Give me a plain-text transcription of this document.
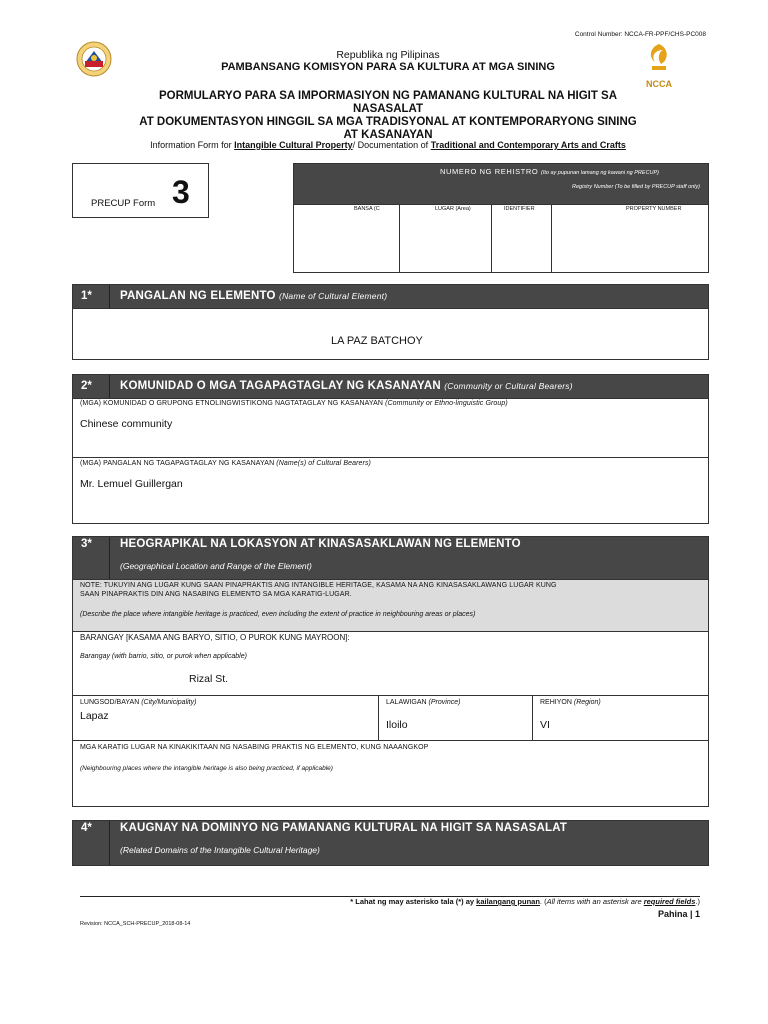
Control Number: NCCA-FR-PPF/CHS-PC008
NCCA
Republika ng Pilipinas
PAMBANSANG KOMISYON PARA SA KULTURA AT MGA SINING
PORMULARYO PARA SA IMPORMASIYON NG PAMANANG KULTURAL NA HIGIT SA
NASASALAT
AT DOKUMENTASYON HINGGIL SA MGA TRADISYONAL AT KONTEMPORARYONG SINING
AT KASANAYAN
Information Form for Intangible Cultural Property/ Documentation of Traditional and Contemporary Arts and Crafts
PRECUP Form 3
NUMERO NG REHISTRO (Ito ay pupunan lamang ng kawani ng PRECUP)
Registry Number (To be filled by PRECUP staff only)
BANSA (C	LUGAR (Area)	IDENTIFIER	PROPERTY NUMBER
1* PANGALAN NG ELEMENTO (Name of Cultural Element)
LA PAZ BATCHOY
2* KOMUNIDAD O MGA TAGAPAGTAGLAY NG KASANAYAN (Community or Cultural Bearers)
(MGA) KOMUNIDAD O GRUPONG ETNOLINGWISTIKONG NAGTATAGLAY NG KASANAYAN (Community or Ethno-linguistic Group)
Chinese community
(MGA) PANGALAN NG TAGAPAGTAGLAY NG KASANAYAN (Name(s) of Cultural Bearers)
Mr. Lemuel Guillergan
3* HEOGRAPIKAL NA LOKASYON AT KINASASAKLAWAN NG ELEMENTO
(Geographical Location and Range of the Element)
NOTE: TUKUYIN ANG LUGAR KUNG SAAN PINAPRAKTIS ANG INTANGIBLE HERITAGE, KASAMA NA ANG KINASASAKLAWANG LUGAR KUNG
SAAN PINAPRAKTIS DIN ANG NASABING ELEMENTO SA MGA KARATIG-LUGAR.
(Describe the place where intangible heritage is practiced, even including the extent of practice in neighbouring areas or places)
BARANGAY [KASAMA ANG BARYO, SITIO, O PUROK KUNG MAYROON]:
Barangay (with barrio, sitio, or purok when applicable)
Rizal St.
LUNGSOD/BAYAN (City/Municipality)
Lapaz
LALAWIGAN (Province)
Iloilo
REHIYON (Region)
VI
MGA KARATIG LUGAR NA KINAKIKITAAN NG NASABING PRAKTIS NG ELEMENTO, KUNG NAAANGKOP
(Neighbouring places where the intangible heritage is also being practiced, if applicable)
4* KAUGNAY NA DOMINYO NG PAMANANG KULTURAL NA HIGIT SA NASASALAT
(Related Domains of the Intangible Cultural Heritage)
* Lahat ng may asterisko tala (*) ay kailangang punan. (All items with an asterisk are required fields.)
Pahina | 1
Revision: NCCA_SCH-PRECUP_2018-08-14
